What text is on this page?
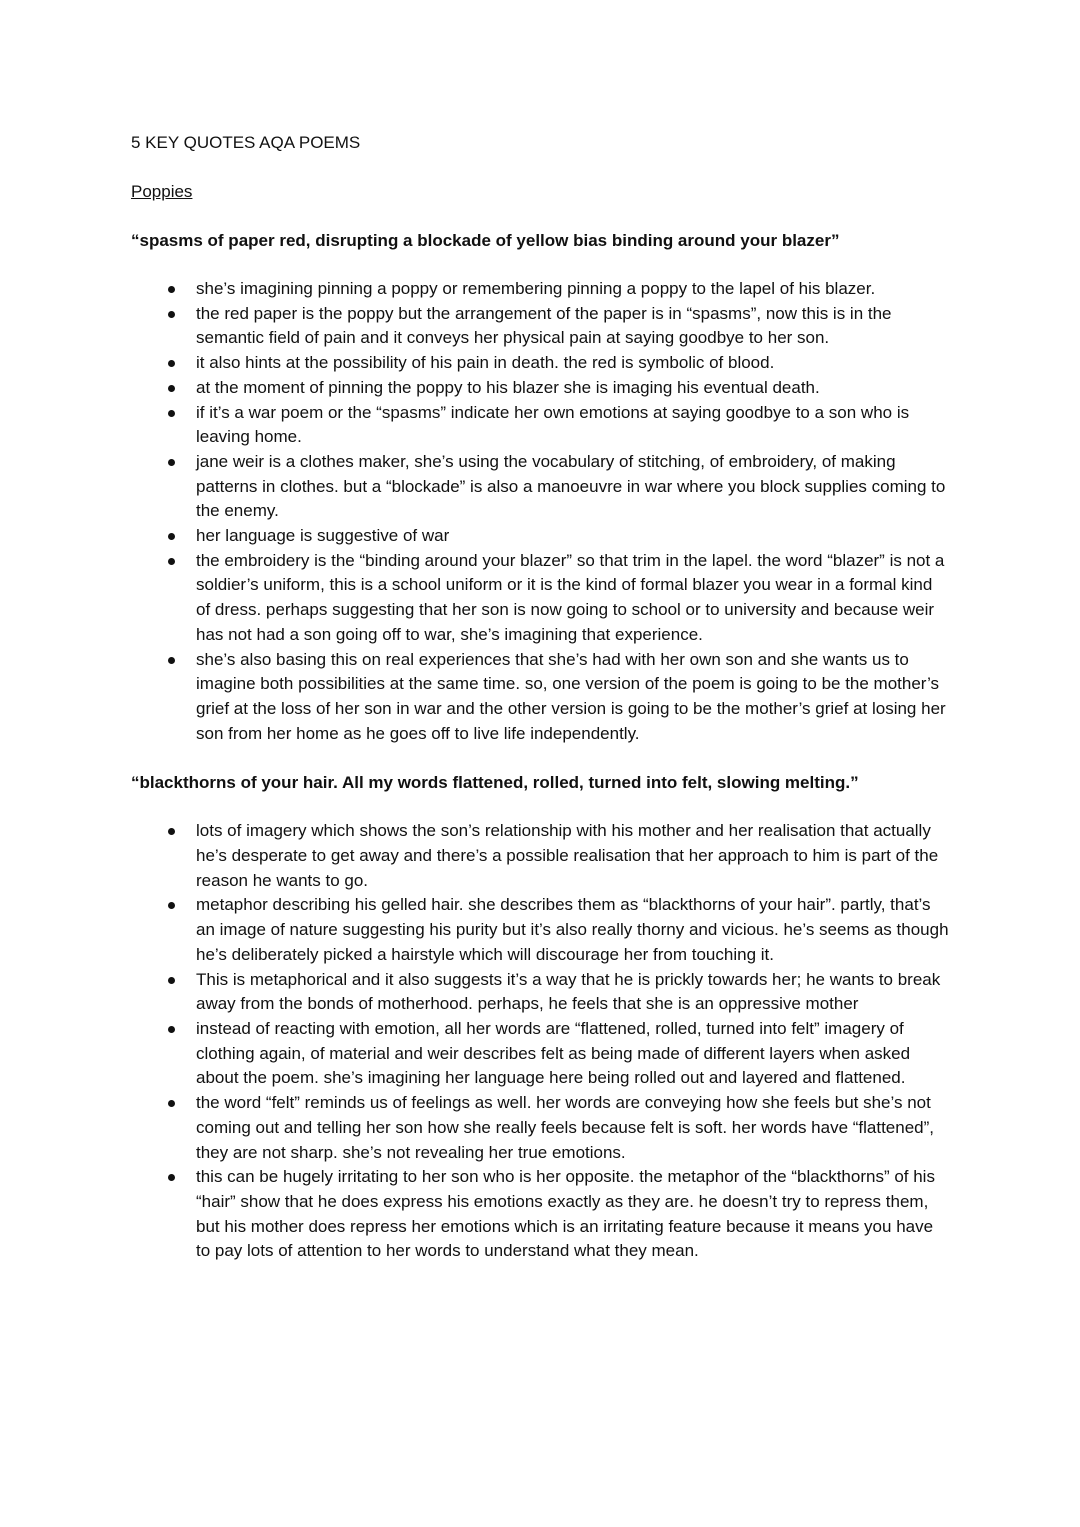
5 KEY QUOTES AQA POEMS
Poppies
“spasms of paper red, disrupting a blockade of yellow bias binding around your blazer”
she’s imagining pinning a poppy or remembering pinning a poppy to the lapel of his blazer.
the red paper is the poppy but the arrangement of the paper is in “spasms”, now this is in the semantic field of pain and it conveys her physical pain at saying goodbye to her son.
it also hints at the possibility of his pain in death. the red is symbolic of blood.
at the moment of pinning the poppy to his blazer she is imaging his eventual death.
if it’s a war poem or the “spasms” indicate her own emotions at saying goodbye to a son who is leaving home.
jane weir is a clothes maker, she’s using the vocabulary of stitching, of embroidery, of making patterns in clothes. but a “blockade” is also a manoeuvre in war where you block supplies coming to the enemy.
her language is suggestive of war
the embroidery is the “binding around your blazer” so that trim in the lapel. the word “blazer” is not a soldier’s uniform, this is a school uniform or it is the kind of formal blazer you wear in a formal kind of dress. perhaps suggesting that her son is now going to school or to university and because weir has not had a son going off to war, she’s imagining that experience.
she’s also basing this on real experiences that she’s had with her own son and she wants us to imagine both possibilities at the same time. so, one version of the poem is going to be the mother’s grief at the loss of her son in war and the other version is going to be the mother’s grief at losing her son from her home as he goes off to live life independently.
“blackthorns of your hair. All my words flattened, rolled, turned into felt, slowing melting.”
lots of imagery which shows the son’s relationship with his mother and her realisation that actually he’s desperate to get away and there’s a possible realisation that her approach to him is part of the reason he wants to go.
metaphor describing his gelled hair. she describes them as “blackthorns of your hair”. partly, that’s an image of nature suggesting his purity but it’s also really thorny and vicious. he’s seems as though he’s deliberately picked a hairstyle which will discourage her from touching it.
This is metaphorical and it also suggests it’s a way that he is prickly towards her; he wants to break away from the bonds of motherhood. perhaps, he feels that she is an oppressive mother
instead of reacting with emotion, all her words are “flattened, rolled, turned into felt” imagery of clothing again, of material and weir describes felt as being made of different layers when asked about the poem. she’s imagining her language here being rolled out and layered and flattened.
the word “felt” reminds us of feelings as well. her words are conveying how she feels but she’s not coming out and telling her son how she really feels because felt is soft. her words have “flattened”, they are not sharp. she’s not revealing her true emotions.
this can be hugely irritating to her son who is her opposite. the metaphor of the “blackthorns” of his “hair” show that he does express his emotions exactly as they are. he doesn’t try to repress them, but his mother does repress her emotions which is an irritating feature because it means you have to pay lots of attention to her words to understand what they mean.
